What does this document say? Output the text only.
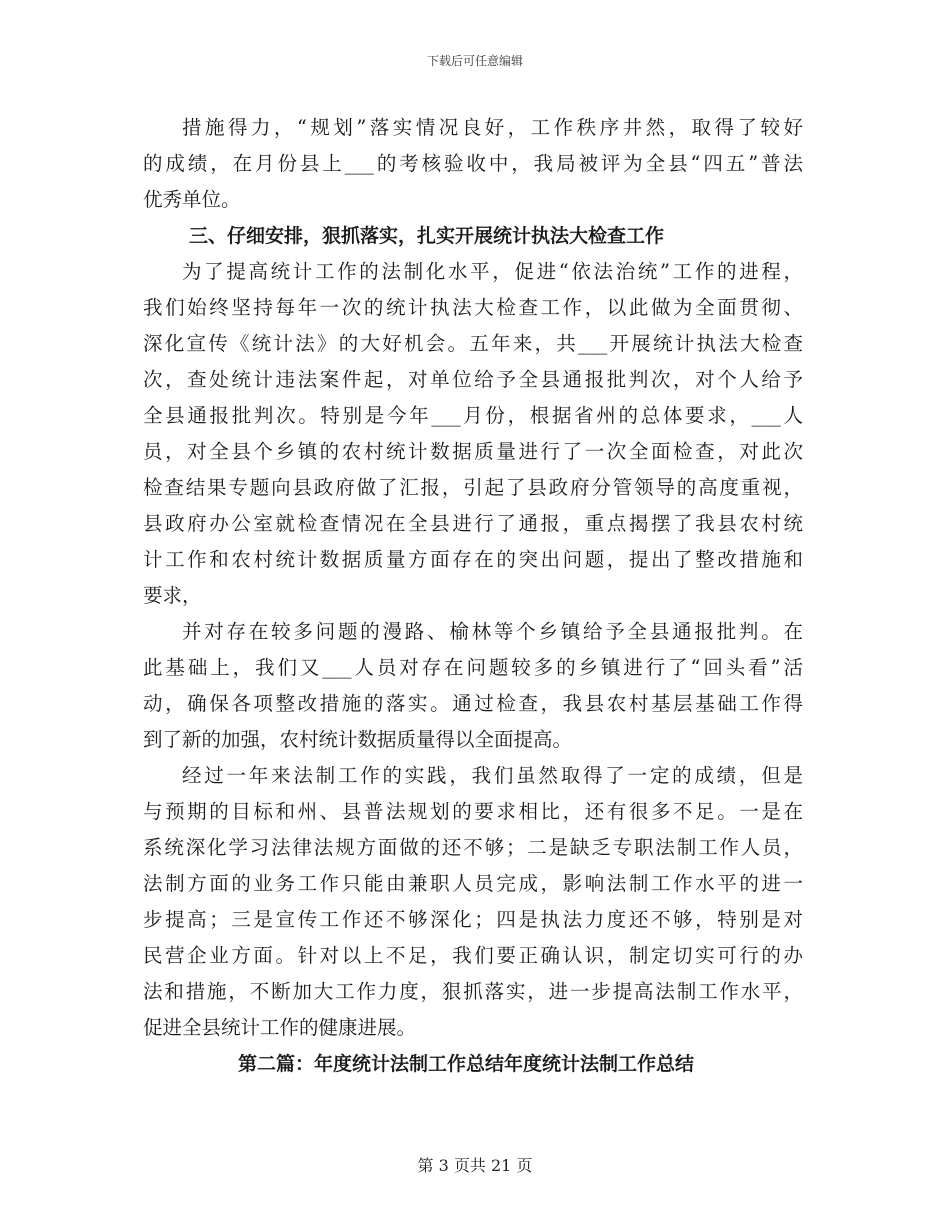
下载后可任意编辑
措施得力，“规划”落实情况良好，工作秩序井然，取得了较好
的成绩，在月份县上___的考核验收中，我局被评为全县“四五”普法
优秀单位。
三、仔细安排，狠抓落实，扎实开展统计执法大检查工作
为了提高统计工作的法制化水平，促进“依法治统”工作的进程，
我们始终坚持每年一次的统计执法大检查工作，以此做为全面贯彻、
深化宣传《统计法》的大好机会。五年来，共___开展统计执法大检查
次，查处统计违法案件起，对单位给予全县通报批判次，对个人给予
全县通报批判次。特别是今年___月份，根据省州的总体要求，___人
员，对全县个乡镇的农村统计数据质量进行了一次全面检查，对此次
检查结果专题向县政府做了汇报，引起了县政府分管领导的高度重视，
县政府办公室就检查情况在全县进行了通报，重点揭摆了我县农村统
计工作和农村统计数据质量方面存在的突出问题，提出了整改措施和
要求，
并对存在较多问题的漫路、榆林等个乡镇给予全县通报批判。在
此基础上，我们又___人员对存在问题较多的乡镇进行了“回头看”活
动，确保各项整改措施的落实。通过检查，我县农村基层基础工作得
到了新的加强，农村统计数据质量得以全面提高。
经过一年来法制工作的实践，我们虽然取得了一定的成绩，但是
与预期的目标和州、县普法规划的要求相比，还有很多不足。一是在
系统深化学习法律法规方面做的还不够；二是缺乏专职法制工作人员，
法制方面的业务工作只能由兼职人员完成，影响法制工作水平的进一
步提高；三是宣传工作还不够深化；四是执法力度还不够，特别是对
民营企业方面。针对以上不足，我们要正确认识，制定切实可行的办
法和措施，不断加大工作力度，狠抓落实，进一步提高法制工作水平，
促进全县统计工作的健康进展。
第二篇：年度统计法制工作总结年度统计法制工作总结
第 3 页共 21 页
